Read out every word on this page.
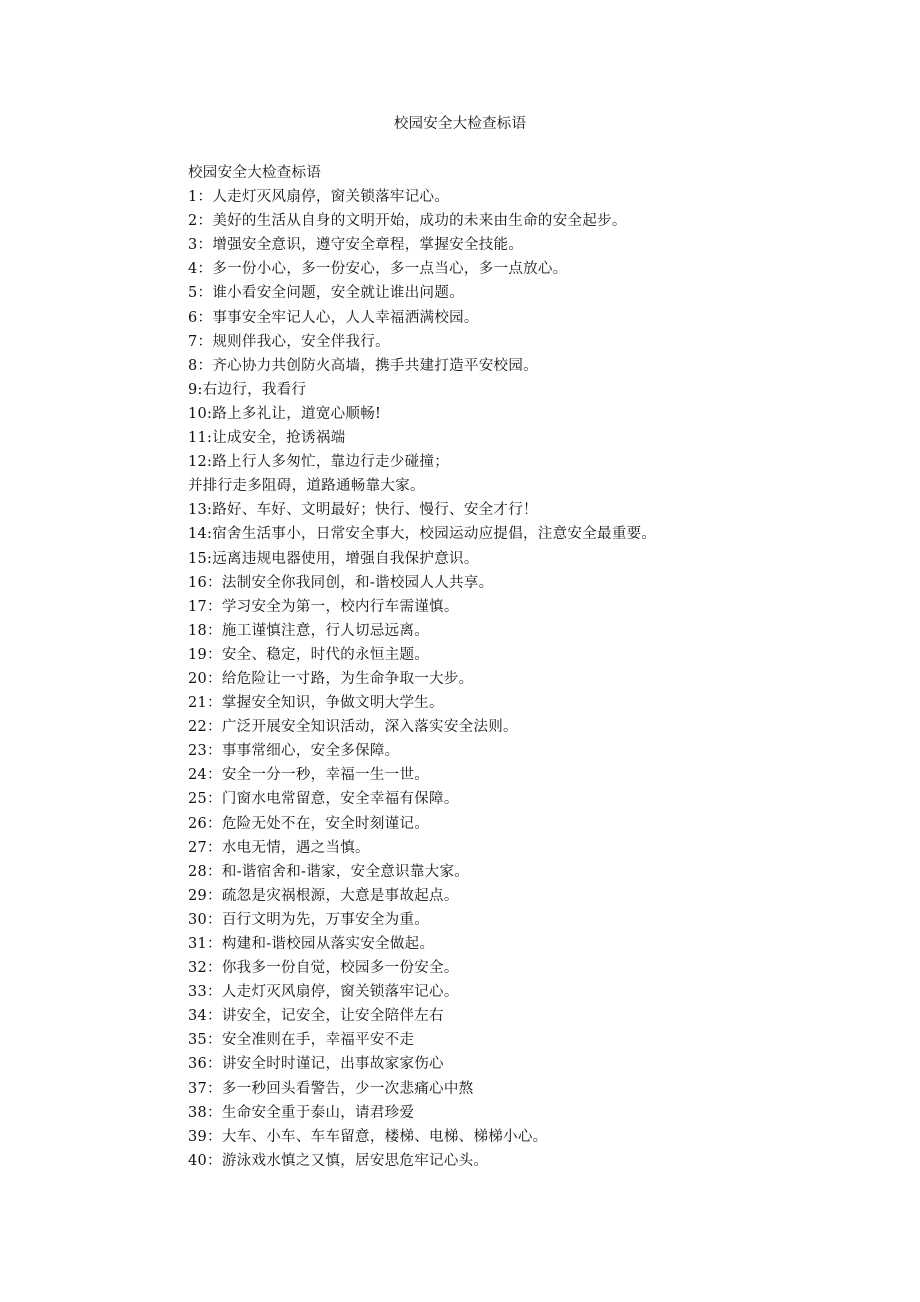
校园安全大检查标语
校园安全大检查标语
1：人走灯灭风扇停，窗关锁落牢记心。
2：美好的生活从自身的文明开始，成功的未来由生命的安全起步。
3：增强安全意识，遵守安全章程，掌握安全技能。
4：多一份小心，多一份安心，多一点当心，多一点放心。
5：谁小看安全问题，安全就让谁出问题。
6：事事安全牢记人心，人人幸福洒满校园。
7：规则伴我心，安全伴我行。
8：齐心协力共创防火高墙，携手共建打造平安校园。
9:右边行，我看行
10:路上多礼让，道宽心顺畅!
11:让成安全，抢诱祸端
12:路上行人多匆忙，靠边行走少碰撞；
并排行走多阻碍，道路通畅靠大家。
13:路好、车好、文明最好；快行、慢行、安全才行！
14:宿舍生活事小，日常安全事大，校园运动应提倡，注意安全最重要。
15:远离违规电器使用，增强自我保护意识。
16：法制安全你我同创，和-谐校园人人共享。
17：学习安全为第一，校内行车需谨慎。
18：施工谨慎注意，行人切忌远离。
19：安全、稳定，时代的永恒主题。
20：给危险让一寸路，为生命争取一大步。
21：掌握安全知识，争做文明大学生。
22：广泛开展安全知识活动，深入落实安全法则。
23：事事常细心，安全多保障。
24：安全一分一秒，幸福一生一世。
25：门窗水电常留意，安全幸福有保障。
26：危险无处不在，安全时刻谨记。
27：水电无情，遇之当慎。
28：和-谐宿舍和-谐家，安全意识靠大家。
29：疏忽是灾祸根源，大意是事故起点。
30：百行文明为先，万事安全为重。
31：构建和-谐校园从落实安全做起。
32：你我多一份自觉，校园多一份安全。
33：人走灯灭风扇停，窗关锁落牢记心。
34：讲安全，记安全，让安全陪伴左右
35：安全准则在手，幸福平安不走
36：讲安全时时谨记，出事故家家伤心
37：多一秒回头看警告，少一次悲痛心中熬
38：生命安全重于泰山，请君珍爱
39：大车、小车、车车留意，楼梯、电梯、梯梯小心。
40：游泳戏水慎之又慎，居安思危牢记心头。
